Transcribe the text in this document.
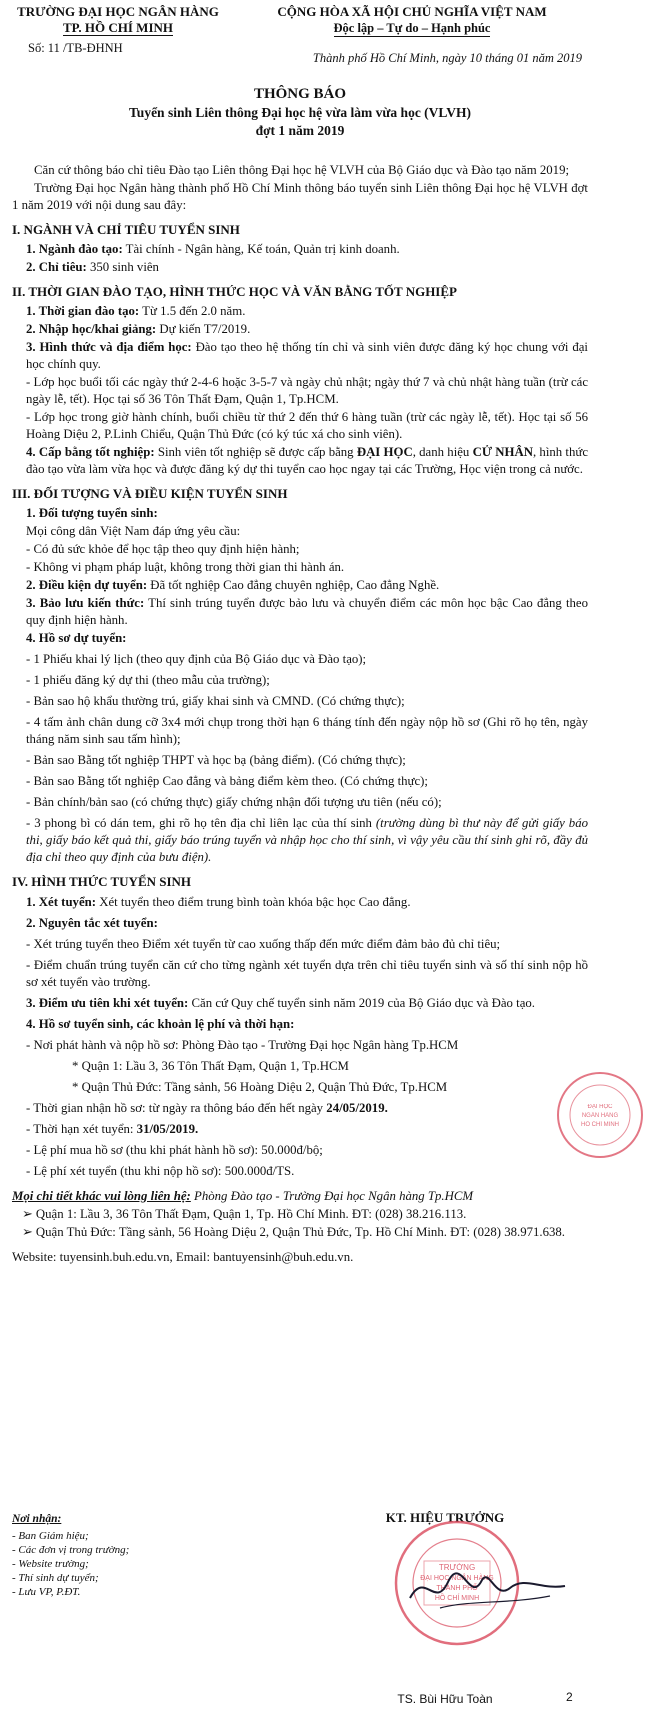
TRƯỜNG ĐẠI HỌC NGÂN HÀNG
TP. HỒ CHÍ MINH
Số: 11 /TB-ĐHNH
CỘNG HÒA XÃ HỘI CHỦ NGHĨA VIỆT NAM
Độc lập – Tự do – Hạnh phúc
Thành phố Hồ Chí Minh, ngày 10 tháng 01 năm 2019
THÔNG BÁO
Tuyển sinh Liên thông Đại học hệ vừa làm vừa học (VLVH)
đợt 1 năm 2019

Căn cứ thông báo chỉ tiêu Đào tạo Liên thông Đại học hệ VLVH của Bộ Giáo dục và Đào tạo năm 2019;

Trường Đại học Ngân hàng thành phố Hồ Chí Minh thông báo tuyển sinh Liên thông Đại học hệ VLVH đợt 1 năm 2019 với nội dung sau đây:

I. NGÀNH VÀ CHỈ TIÊU TUYỂN SINH

1. Ngành đào tạo: Tài chính - Ngân hàng, Kế toán, Quản trị kinh doanh.

2. Chỉ tiêu: 350 sinh viên

II. THỜI GIAN ĐÀO TẠO, HÌNH THỨC HỌC VÀ VĂN BẰNG TỐT NGHIỆP

1. Thời gian đào tạo: Từ 1.5 đến 2.0 năm.

2. Nhập học/khai giảng: Dự kiến T7/2019.

3. Hình thức và địa điểm học: Đào tạo theo hệ thống tín chỉ và sinh viên được đăng ký học chung với đại học chính quy.

- Lớp học buổi tối các ngày thứ 2-4-6 hoặc 3-5-7 và ngày chủ nhật; ngày thứ 7 và chủ nhật hàng tuần (trừ các ngày lễ, tết). Học tại số 36 Tôn Thất Đạm, Quận 1, Tp.HCM.

- Lớp học trong giờ hành chính, buổi chiều từ thứ 2 đến thứ 6 hàng tuần (trừ các ngày lễ, tết). Học tại số 56 Hoàng Diệu 2, P.Linh Chiểu, Quận Thủ Đức (có ký túc xá cho sinh viên).

4. Cấp bằng tốt nghiệp: Sinh viên tốt nghiệp sẽ được cấp bằng ĐẠI HỌC, danh hiệu CỬ NHÂN, hình thức đào tạo vừa làm vừa học và được đăng ký dự thi tuyển cao học ngay tại các Trường, Học viện trong cả nước.

III. ĐỐI TƯỢNG VÀ ĐIỀU KIỆN TUYỂN SINH

1. Đối tượng tuyển sinh:

Mọi công dân Việt Nam đáp ứng yêu cầu:

- Có đủ sức khỏe để học tập theo quy định hiện hành;

- Không vi phạm pháp luật, không trong thời gian thi hành án.

2. Điều kiện dự tuyển: Đã tốt nghiệp Cao đẳng chuyên nghiệp, Cao đẳng Nghề.

3. Bảo lưu kiến thức: Thí sinh trúng tuyển được bảo lưu và chuyển điểm các môn học bậc Cao đẳng theo quy định hiện hành.

4. Hồ sơ dự tuyển:

- 1 Phiếu khai lý lịch (theo quy định của Bộ Giáo dục và Đào tạo);

- 1 phiếu đăng ký dự thi (theo mẫu của trường);

- Bản sao hộ khẩu thường trú, giấy khai sinh và CMND. (Có chứng thực);

- 4 tấm ảnh chân dung cỡ 3x4 mới chụp trong thời hạn 6 tháng tính đến ngày nộp hồ sơ (Ghi rõ họ tên, ngày tháng năm sinh sau tấm hình);

- Bản sao Bằng tốt nghiệp THPT và học bạ (bảng điểm). (Có chứng thực);

- Bản sao Bằng tốt nghiệp Cao đẳng và bảng điểm kèm theo. (Có chứng thực);

- Bản chính/bản sao (có chứng thực) giấy chứng nhận đối tượng ưu tiên (nếu có);

- 3 phong bì có dán tem, ghi rõ họ tên địa chỉ liên lạc của thí sinh (trường dùng bì thư này để gửi giấy báo thi, giấy báo kết quả thi, giấy báo trúng tuyển và nhập học cho thí sinh, vì vậy yêu cầu thí sinh ghi rõ, đầy đủ địa chỉ theo quy định của bưu điện).

IV. HÌNH THỨC TUYỂN SINH

1. Xét tuyển: Xét tuyển theo điểm trung bình toàn khóa bậc học Cao đẳng.

2. Nguyên tắc xét tuyển:

- Xét trúng tuyển theo Điểm xét tuyển từ cao xuống thấp đến mức điểm đảm bảo đủ chỉ tiêu;

- Điểm chuẩn trúng tuyển căn cứ cho từng ngành xét tuyển dựa trên chỉ tiêu tuyển sinh và số thí sinh nộp hồ sơ xét tuyển vào trường.

3. Điểm ưu tiên khi xét tuyển: Căn cứ Quy chế tuyển sinh năm 2019 của Bộ Giáo dục và Đào tạo.

4. Hồ sơ tuyển sinh, các khoản lệ phí và thời hạn:

- Nơi phát hành và nộp hồ sơ: Phòng Đào tạo - Trường Đại học Ngân hàng Tp.HCM

* Quận 1: Lầu 3, 36 Tôn Thất Đạm, Quận 1, Tp.HCM

* Quận Thủ Đức: Tầng sảnh, 56 Hoàng Diệu 2, Quận Thủ Đức, Tp.HCM

- Thời gian nhận hồ sơ: từ ngày ra thông báo đến hết ngày 24/05/2019.

- Thời hạn xét tuyển: 31/05/2019.

- Lệ phí mua hồ sơ (thu khi phát hành hồ sơ): 50.000đ/bộ;

- Lệ phí xét tuyển (thu khi nộp hồ sơ): 500.000đ/TS.

Mọi chi tiết khác vui lòng liên hệ: Phòng Đào tạo - Trường Đại học Ngân hàng Tp.HCM

➢ Quận 1: Lầu 3, 36 Tôn Thất Đạm, Quận 1, Tp. Hồ Chí Minh. ĐT: (028) 38.216.113.

➢ Quận Thủ Đức: Tầng sảnh, 56 Hoàng Diệu 2, Quận Thủ Đức, Tp. Hồ Chí Minh. ĐT: (028) 38.971.638.

Website: tuyensinh.buh.edu.vn, Email: bantuyensinh@buh.edu.vn.

Nơi nhận:
- Ban Giám hiệu;
- Các đơn vị trong trường;
- Website trường;
- Thí sinh dự tuyển;
- Lưu VP, P.ĐT.
KT. HIỆU TRƯỞNG
TS. Bùi Hữu Toàn
ĐẠI HỌC
NGÂN HÀNG
HỒ CHÍ MINH
TRƯỜNG
ĐẠI HỌC NGÂN HÀNG
THÀNH PHỐ
HỒ CHÍ MINH
2
